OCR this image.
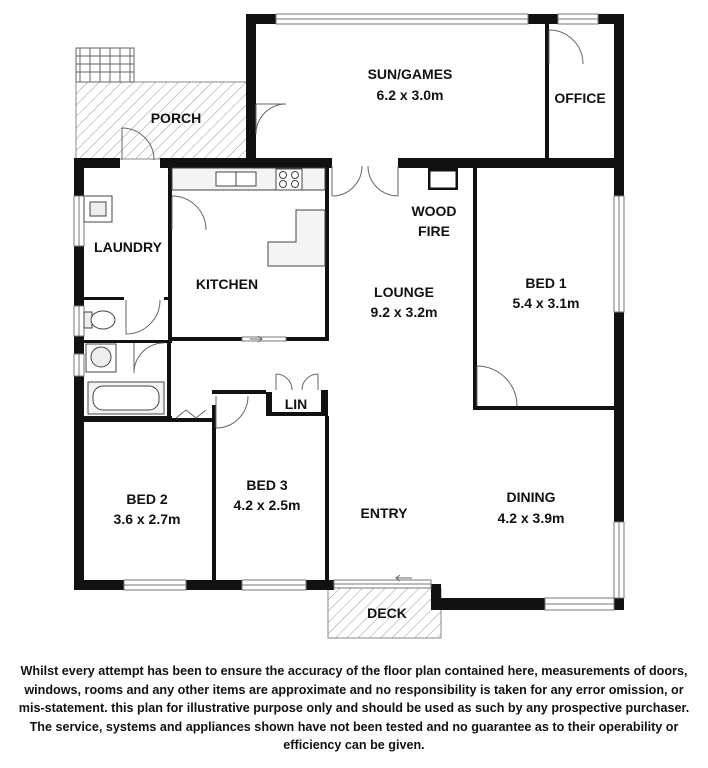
PORCH
SUN/GAMES
6.2 x 3.0m	OFFICE
LAUNDRY
KITCHEN
WOOD
FIRE
LOUNGE
9.2 x 3.2m
BED 1
5.4 x 3.1m
LIN
BED 2
3.6 x 2.7m
BED 3
4.2 x 2.5m	ENTRY
DINING
4.2 x 3.9m
DECK
Whilst every attempt has been to ensure the accuracy of the floor plan contained here, measurements of doors, windows, rooms and any other items are approximate and no responsibility is taken for any error omission, or mis-statement. this plan for illustrative purpose only and should be used as such by any prospective purchaser. The service, systems and appliances shown have not been tested and no guarantee as to their operability or efficiency can be given.
